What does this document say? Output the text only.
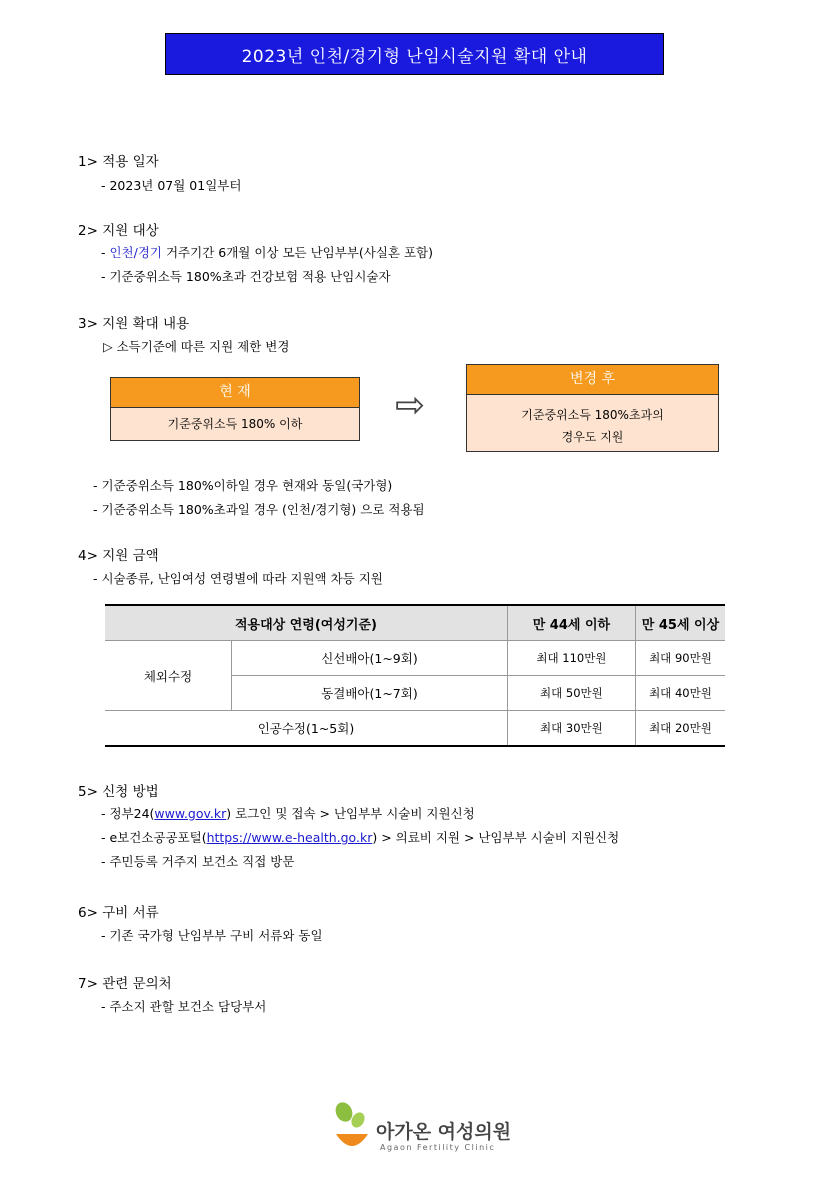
2023년 인천/경기형 난임시술지원 확대 안내
1> 적용 일자
- 2023년 07월 01일부터
2> 지원 대상
- 인천/경기 거주기간 6개월 이상 모든 난임부부(사실혼 포함)
- 기준중위소득 180%초과 건강보험 적용 난임시술자
3> 지원 확대 내용
▷ 소득기준에 따른 지원 제한 변경
현 재
기준중위소득 180% 이하	⇨
변경 후
기준중위소득 180%초과의
경우도 지원
- 기준중위소득 180%이하일 경우 현재와 동일(국가형)
- 기준중위소득 180%초과일 경우 (인천/경기형) 으로 적용됨
4> 지원 금액
- 시술종류, 난임여성 연령별에 따라 지원액 차등 지원
적용대상 연령(여성기준)		만 44세 이하	만 45세 이상
체외수정	신선배아(1~9회)	최대 110만원	최대 90만원
	동결배아(1~7회)	최대 50만원	최대 40만원
인공수정(1~5회)		최대 30만원	최대 20만원
5> 신청 방법
- 정부24(www.gov.kr) 로그인 및 접속 > 난임부부 시술비 지원신청
- e보건소공공포털(https://www.e-health.go.kr) > 의료비 지원 > 난임부부 시술비 지원신청
- 주민등록 거주지 보건소 직접 방문
6> 구비 서류
- 기존 국가형 난임부부 구비 서류와 동일
7> 관련 문의처
- 주소지 관할 보건소 담당부서
아가온 여성의원
Agaon Fertility Clinic
